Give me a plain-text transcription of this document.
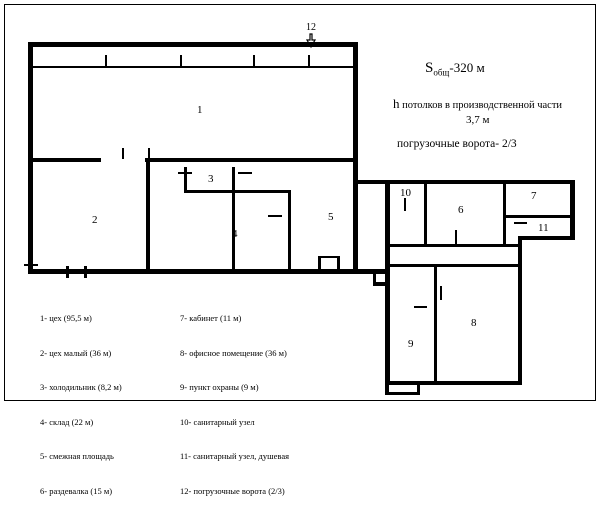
12
1
2
3
4
5
6
7
8
9
10
11
$S_{общ}-320$ м
h потолков в производственной части
3,7 м
погрузочные ворота- 2/3

1- цех (95,5 м)

2- цех малый (36 м)

3- холодильник (8,2 м)

4- склад (22 м)

5- смежная площадь

6- раздевалка (15 м)

7- кабинет (11 м)

8- офисное помещение (36 м)

9- пункт охраны (9 м)

10- санитарный узел

11- санитарный узел, душевая

12- погрузочные ворота (2/3)
